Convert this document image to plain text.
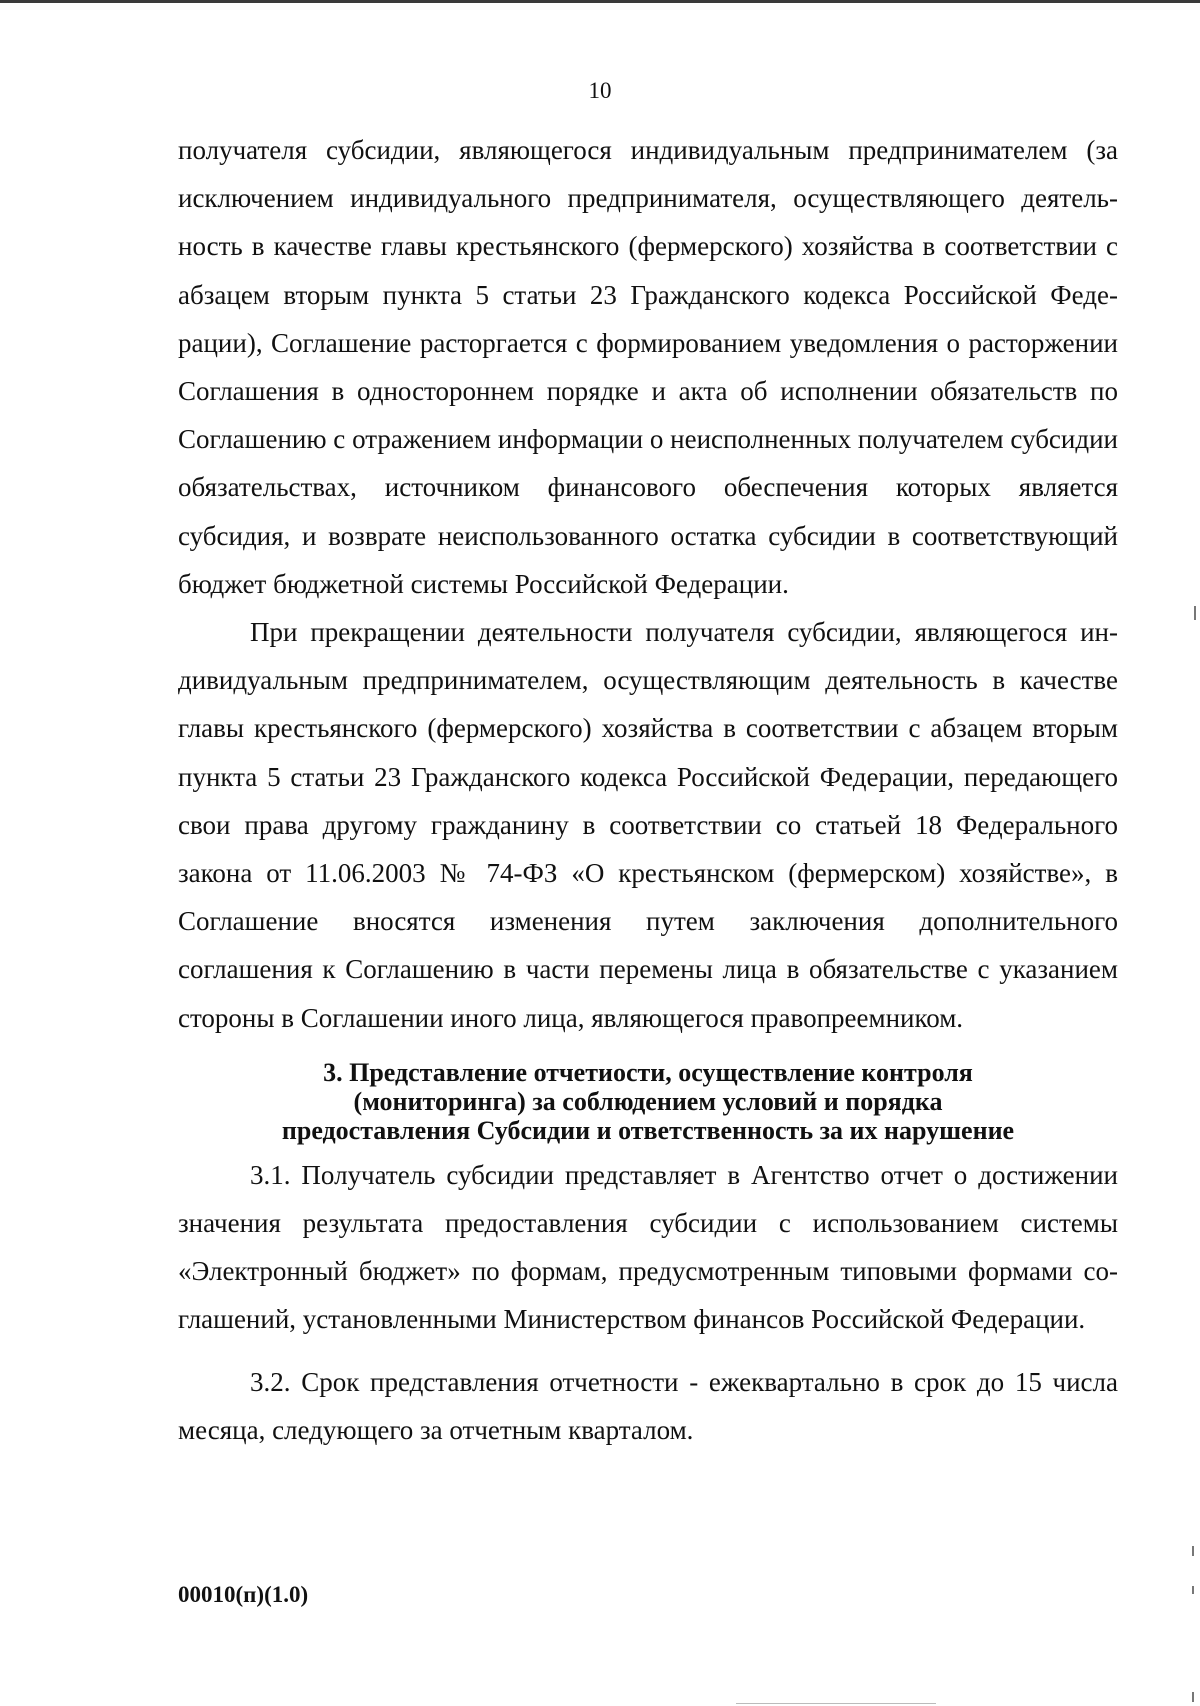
10

получателя субсидии, являющегося индивидуальным предпринимателем (за исключением индивидуального предпринимателя, осуществляющего деятельность в качестве главы крестьянского (фермерского) хозяйства в соответствии с абзацем вторым пункта 5 статьи 23 Гражданского кодекса Российской Федерации), Соглашение расторгается с формированием уведомления о расторжении Соглашения в одностороннем порядке и акта об исполнении обязательств по Соглашению с отражением информации о неисполненных получателем субсидии обязательствах, источником финансового обеспечения которых является субсидия, и возврате неиспользованного остатка субсидии в соответствующий бюджет бюджетной системы Российской Федерации.

При прекращении деятельности получателя субсидии, являющегося индивидуальным предпринимателем, осуществляющим деятельность в качестве главы крестьянского (фермерского) хозяйства в соответствии с абзацем вторым пункта 5 статьи 23 Гражданского кодекса Российской Федерации, передающего свои права другому гражданину в соответствии со статьей 18 Федерального закона от 11.06.2003 № 74-ФЗ «О крестьянском (фермерском) хозяйстве», в Соглашение вносятся изменения путем заключения дополнительного соглашения к Соглашению в части перемены лица в обязательстве с указанием стороны в Соглашении иного лица, являющегося правопреемником.

3. Представление отчетиости, осуществление контроля
(мониторинга) за соблюдением условий и порядка
предоставления Субсидии и ответственность за их нарушение

3.1. Получатель субсидии представляет в Агентство отчет о достижении значения результата предоставления субсидии с использованием системы «Электронный бюджет» по формам, предусмотренным типовыми формами соглашений, установленными Министерством финансов Российской Федерации.

3.2. Срок представления отчетности - ежеквартально в срок до 15 числа месяца, следующего за отчетным кварталом.

00010(п)(1.0)
